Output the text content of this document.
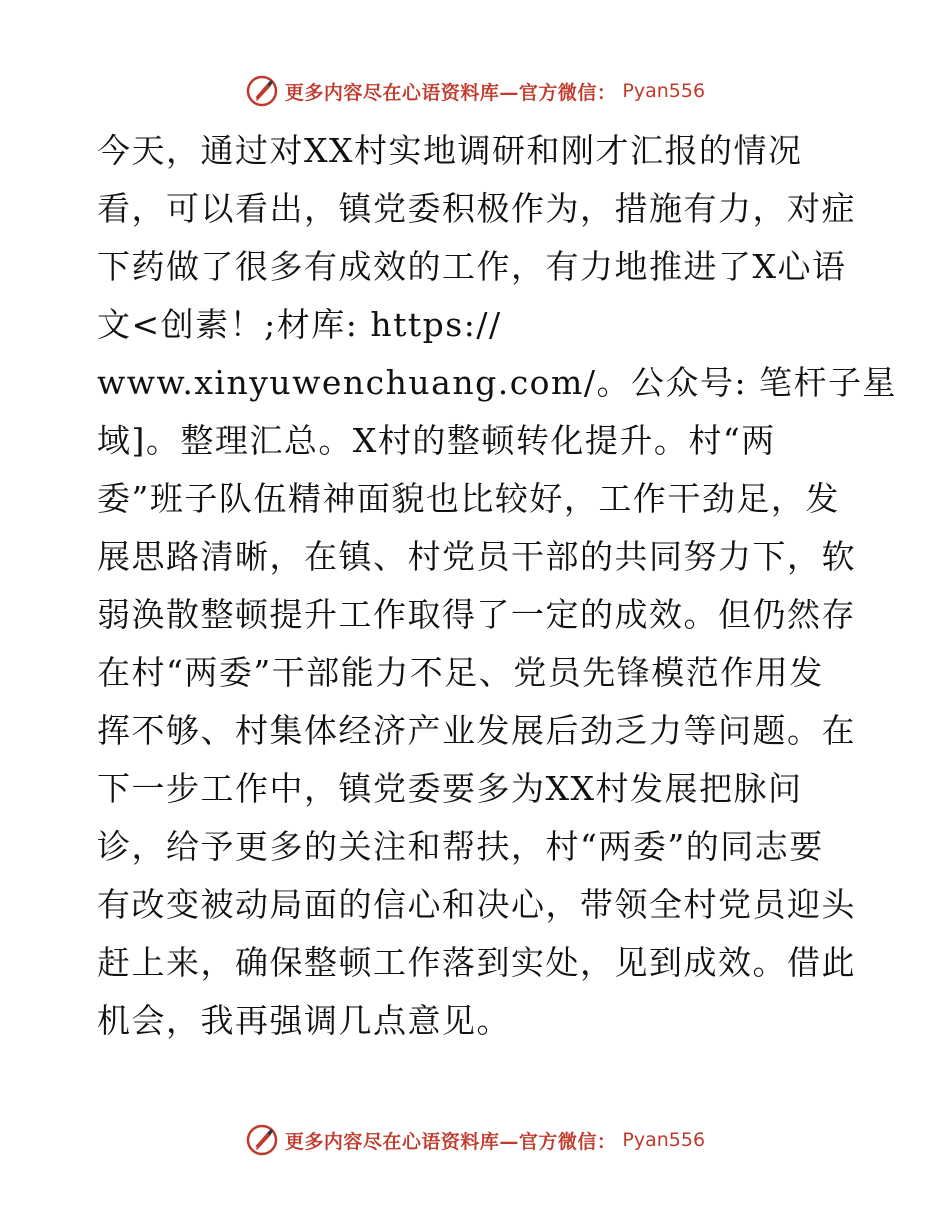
更多内容尽在心语资料库—官方微信： Pyan556
今天，通过对XX村实地调研和刚才汇报的情况
看，可以看出，镇党委积极作为，措施有力，对症
下药做了很多有成效的工作，有力地推进了X心语
文<创素！;材库: https://
www.xinyuwenchuang.com/。公众号: 笔杆子星
域]。整理汇总。X村的整顿转化提升。村“两
委”班子队伍精神面貌也比较好，工作干劲足，发
展思路清晰，在镇、村党员干部的共同努力下，软
弱涣散整顿提升工作取得了一定的成效。但仍然存
在村“两委”干部能力不足、党员先锋模范作用发
挥不够、村集体经济产业发展后劲乏力等问题。在
下一步工作中，镇党委要多为XX村发展把脉问
诊，给予更多的关注和帮扶，村“两委”的同志要
有改变被动局面的信心和决心，带领全村党员迎头
赶上来，确保整顿工作落到实处，见到成效。借此
机会，我再强调几点意见。
更多内容尽在心语资料库—官方微信： Pyan556
